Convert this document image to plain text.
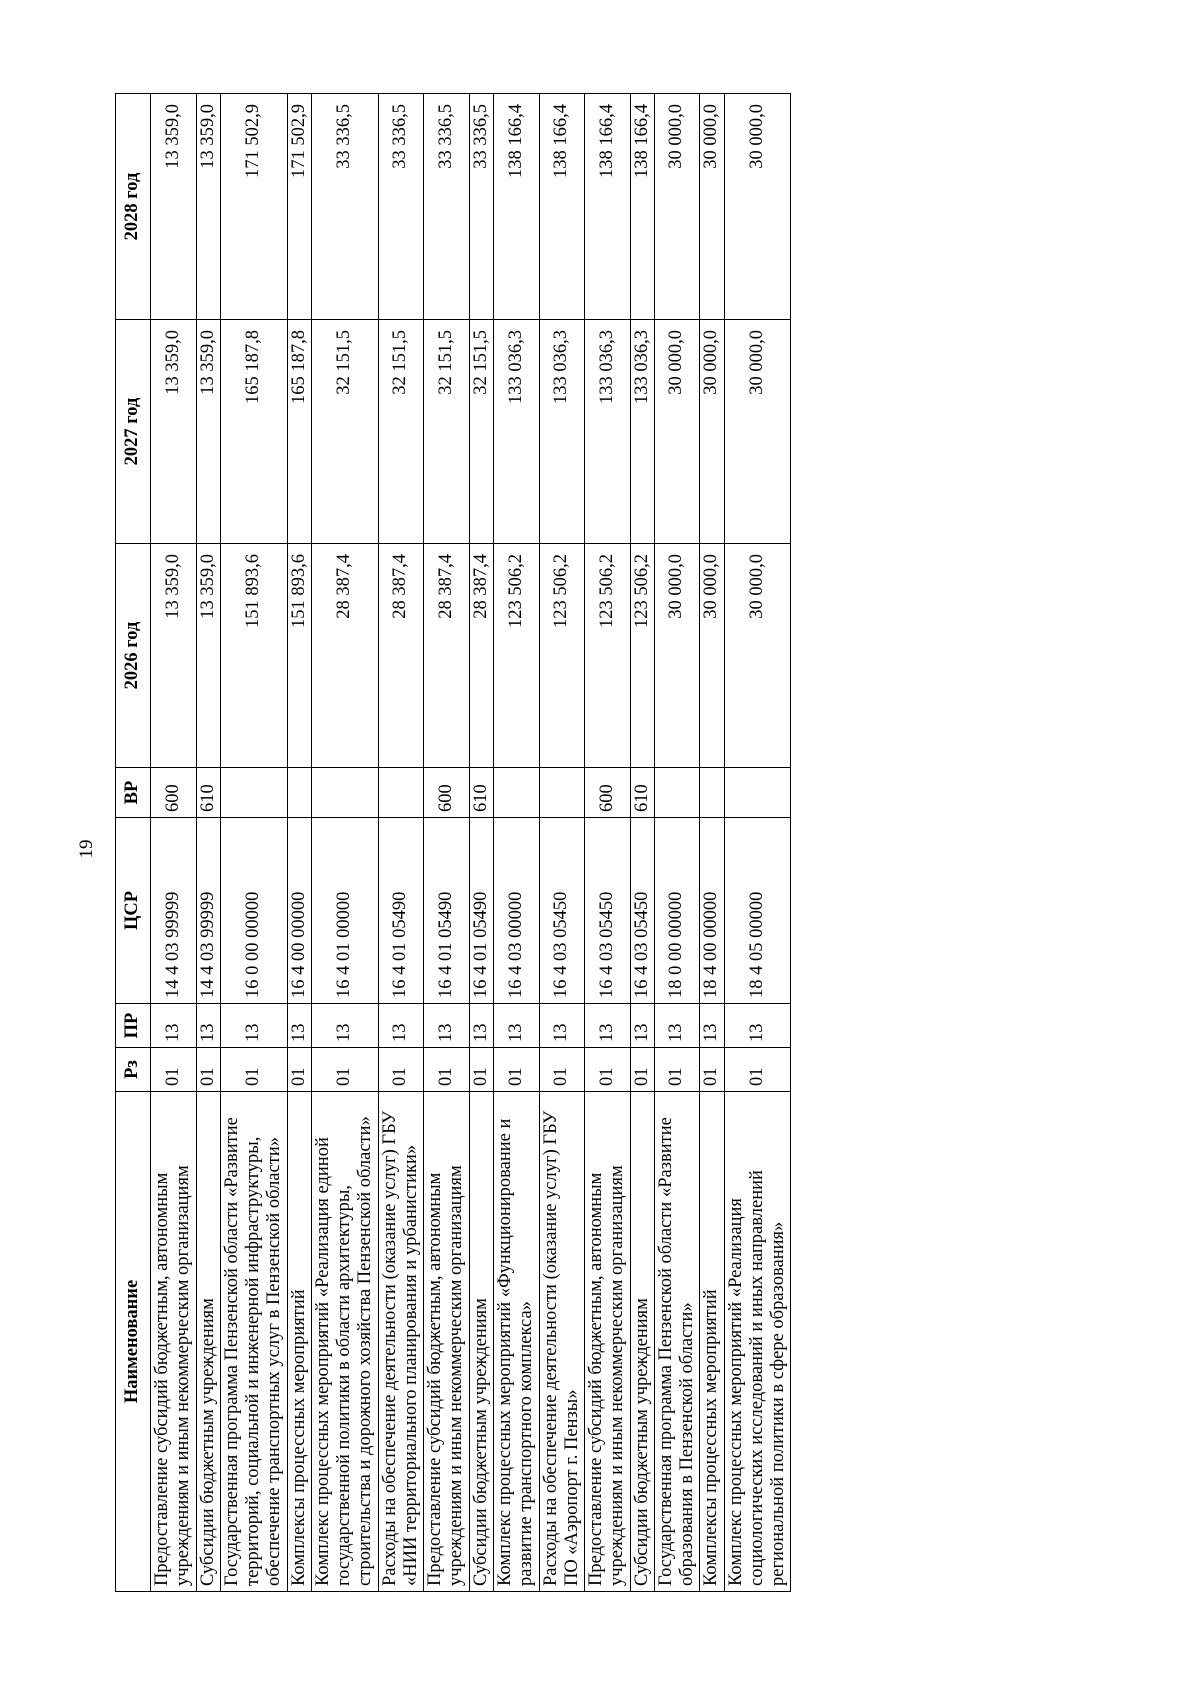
19
Наименование	Рз	ПР	ЦСР	ВР	2026 год	2027 год	2028 год
Предоставление субсидий бюджетным, автономным учреждениям и иным некоммерческим организациям	01	13	14 4 03 99999	600	13 359,0	13 359,0	13 359,0
Субсидии бюджетным учреждениям	01	13	14 4 03 99999	610	13 359,0	13 359,0	13 359,0
Государственная программа Пензенской области «Развитие территорий, социальной и инженерной инфраструктуры, обеспечение транспортных услуг в Пензенской области»	01	13	16 0 00 00000		151 893,6	165 187,8	171 502,9
Комплексы процессных мероприятий	01	13	16 4 00 00000		151 893,6	165 187,8	171 502,9
Комплекс процессных мероприятий «Реализация единой государственной политики в области архитектуры, строительства и дорожного хозяйства Пензенской области»	01	13	16 4 01 00000		28 387,4	32 151,5	33 336,5
Расходы на обеспечение деятельности (оказание услуг) ГБУ «НИИ территориального планирования и урбанистики»	01	13	16 4 01 05490		28 387,4	32 151,5	33 336,5
Предоставление субсидий бюджетным, автономным учреждениям и иным некоммерческим организациям	01	13	16 4 01 05490	600	28 387,4	32 151,5	33 336,5
Субсидии бюджетным учреждениям	01	13	16 4 01 05490	610	28 387,4	32 151,5	33 336,5
Комплекс процессных мероприятий «Функционирование и развитие транспортного комплекса»	01	13	16 4 03 00000		123 506,2	133 036,3	138 166,4
Расходы на обеспечение деятельности (оказание услуг) ГБУ ПО «Аэропорт г. Пензы»	01	13	16 4 03 05450		123 506,2	133 036,3	138 166,4
Предоставление субсидий бюджетным, автономным учреждениям и иным некоммерческим организациям	01	13	16 4 03 05450	600	123 506,2	133 036,3	138 166,4
Субсидии бюджетным учреждениям	01	13	16 4 03 05450	610	123 506,2	133 036,3	138 166,4
Государственная программа Пензенской области «Развитие образования в Пензенской области»	01	13	18 0 00 00000		30 000,0	30 000,0	30 000,0
Комплексы процессных мероприятий	01	13	18 4 00 00000		30 000,0	30 000,0	30 000,0
Комплекс процессных мероприятий «Реализация социологических исследований и иных направлений региональной политики в сфере образования»	01	13	18 4 05 00000		30 000,0	30 000,0	30 000,0
